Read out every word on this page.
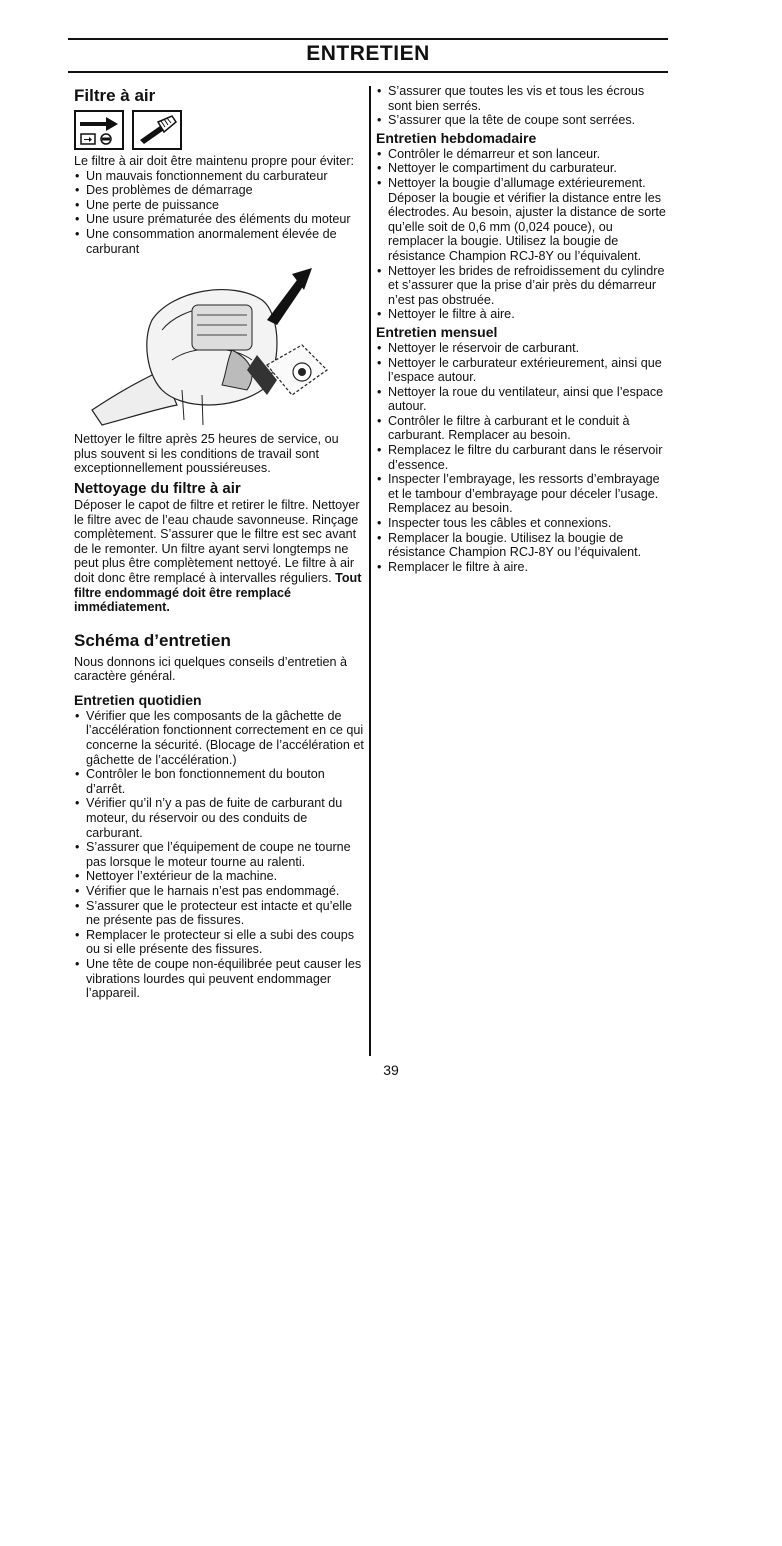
ENTRETIEN
Filtre à air

Le filtre à air doit être maintenu propre pour éviter:

• Un mauvais fonctionnement du carburateur
• Des problèmes de démarrage
• Une perte de puissance
• Une usure prématurée des éléments du moteur
• Une consommation anormalement élevée de carburant

Nettoyer le filtre après 25 heures de service, ou plus souvent si les conditions de travail sont exceptionnellement poussiéreuses.

Nettoyage du filtre à air

Déposer le capot de filtre et retirer le filtre. Nettoyer le filtre avec de l’eau chaude savonneuse. Rinçage complètement. S’assurer que le filtre est sec avant de le remonter. Un filtre ayant servi longtemps ne peut plus être complètement nettoyé. Le filtre à air doit donc être remplacé à intervalles réguliers. Tout filtre endommagé doit être remplacé immédiatement.

Schéma d’entretien

Nous donnons ici quelques conseils d’entretien à caractère général.

Entretien quotidien
• Vérifier que les composants de la gâchette de l’accélération fonctionnent correctement en ce qui concerne la sécurité. (Blocage de l’accélération et gâchette de l’accélération.)
• Contrôler le bon fonctionnement du bouton d’arrêt.
• Vérifier qu’il n’y a pas de fuite de carburant du moteur, du réservoir ou des conduits de carburant.
• S’assurer que l’équipement de coupe ne tourne pas lorsque le moteur tourne au ralenti.
• Nettoyer l’extérieur de la machine.
• Vérifier que le harnais n’est pas endommagé.
• S’assurer que le protecteur est intacte et qu’elle ne présente pas de fissures.
• Remplacer le protecteur si elle a subi des coups ou si elle présente des fissures.
• Une tête de coupe non-équilibrée peut causer les vibrations lourdes qui peuvent endommager l’appareil.
• S’assurer que toutes les vis et tous les écrous sont bien serrés.
• S’assurer que la tête de coupe sont serrées.
Entretien hebdomadaire
• Contrôler le démarreur et son lanceur.
• Nettoyer le compartiment du carburateur.
• Nettoyer la bougie d’allumage extérieurement. Déposer la bougie et vérifier la distance entre les électrodes. Au besoin, ajuster la distance de sorte qu’elle soit de 0,6 mm (0,024 pouce), ou remplacer la bougie. Utilisez la bougie de résistance Champion RCJ-8Y ou l’équivalent.
• Nettoyer les brides de refroidissement du cylindre et s’assurer que la prise d’air près du démarreur n’est pas obstruée.
• Nettoyer le filtre à aire.
Entretien mensuel
• Nettoyer le réservoir de carburant.
• Nettoyer le carburateur extérieurement, ainsi que l’espace autour.
• Nettoyer la roue du ventilateur, ainsi que l’espace autour.
• Contrôler le filtre à carburant et le conduit à carburant. Remplacer au besoin.
• Remplacez le filtre du carburant dans le réservoir d’essence.
• Inspecter l’embrayage, les ressorts d’embrayage et le tambour d’embrayage pour déceler l’usage. Remplacez au besoin.
• Inspecter tous les câbles et connexions.
• Remplacer la bougie. Utilisez la bougie de résistance Champion RCJ-8Y ou l’équivalent.
• Remplacer le filtre à aire.
39
